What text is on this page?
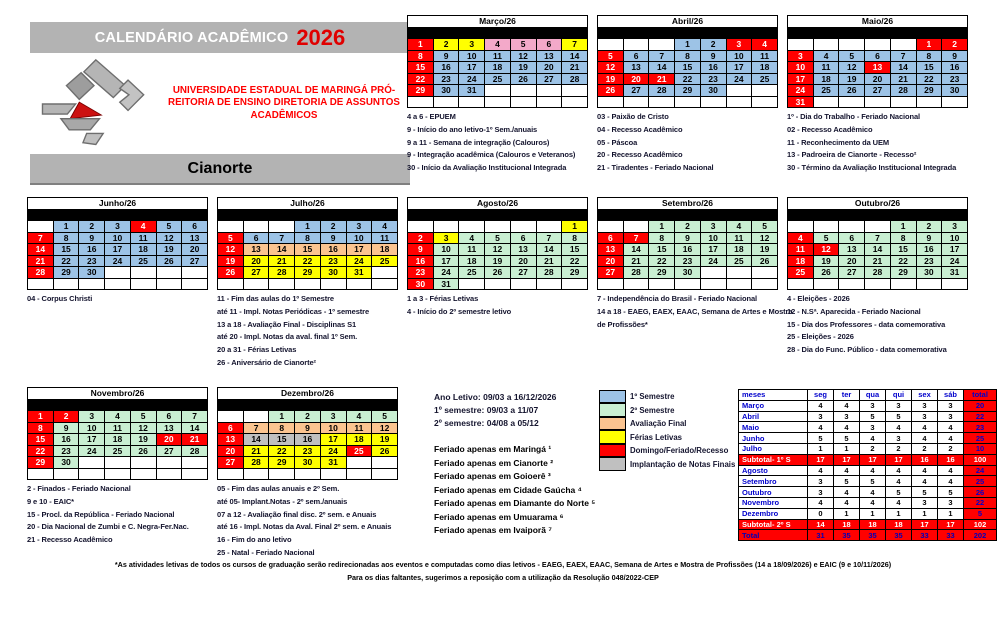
CALENDÁRIO ACADÊMICO 2026
UNIVERSIDADE ESTADUAL DE MARINGÁ PRÓ-REITORIA DE ENSINO DIRETORIA DE ASSUNTOS ACADÊMICOS
Cianorte
Março/26						
D	S	T	Q	Q	S	S
1	2	3	4	5	6	7
8	9	10	11	12	13	14
15	16	17	18	19	20	21
22	23	24	25	26	27	28
29	30	31				

4 a 6 - EPUEM
9 - Início do ano letivo-1º Sem./anuais
9 a 11 - Semana de integração (Calouros)
9 - Integração acadêmica (Calouros e Veteranos)
30 - Início da Avaliação Institucional Integrada
Abril/26						
D	S	T	Q	Q	S	S
			1	2	3	4
5	6	7	8	9	10	11
12	13	14	15	16	17	18
19	20	21	22	23	24	25
26	27	28	29	30		

03 - Paixão de Cristo
04 - Recesso Acadêmico
05 - Páscoa
20 - Recesso Acadêmico
21 - Tiradentes - Feriado Nacional
Maio/26						
D	S	T	Q	Q	S	S
					1	2
3	4	5	6	7	8	9
10	11	12	13	14	15	16
17	18	19	20	21	22	23
24	25	26	27	28	29	30
31						
1º - Dia do Trabalho - Feriado Nacional
02 - Recesso Acadêmico
11 - Reconhecimento da UEM
13 - Padroeira de Cianorte - Recesso²
30 - Término da Avaliação Institucional Integrada
Junho/26						
D	S	T	Q	Q	S	S
	1	2	3	4	5	6
7	8	9	10	11	12	13
14	15	16	17	18	19	20
21	22	23	24	25	26	27
28	29	30				

04 - Corpus Christi
Julho/26						
D	S	T	Q	Q	S	S
			1	2	3	4
5	6	7	8	9	10	11
12	13	14	15	16	17	18
19	20	21	22	23	24	25
26	27	28	29	30	31	

11 - Fim das aulas do 1º Semestre
até 11 - Impl. Notas Periódicas - 1º semestre
13 a 18 - Avaliação Final - Disciplinas S1
até 20 - Impl. Notas da aval. final 1º Sem.
20 a 31 - Férias Letivas
26 - Aniversário de Cianorte²
Agosto/26						
D	S	T	Q	Q	S	S
						1
2	3	4	5	6	7	8
9	10	11	12	13	14	15
16	17	18	19	20	21	22
23	24	25	26	27	28	29
30	31					
1 a 3 - Férias Letivas
4 - Início do 2º semestre letivo
Setembro/26						
D	S	T	Q	Q	S	S
		1	2	3	4	5
6	7	8	9	10	11	12
13	14	15	16	17	18	19
20	21	22	23	24	25	26
27	28	29	30			

7 - Independência do Brasil - Feriado Nacional
14 a 18 - EAEG, EAEX, EAAC, Semana de Artes e Mostra de Profissões*
Outubro/26						
D	S	T	Q	Q	S	S
				1	2	3
4	5	6	7	8	9	10
11	12	13	14	15	16	17
18	19	20	21	22	23	24
25	26	27	28	29	30	31

4 - Eleições - 2026
12 - N.Sª. Aparecida - Feriado Nacional
15 - Dia dos Professores - data comemorativa
25 - Eleições - 2026
28 - Dia do Func. Público - data comemorativa
Novembro/26						
D	S	T	Q	Q	S	S
1	2	3	4	5	6	7
8	9	10	11	12	13	14
15	16	17	18	19	20	21
22	23	24	25	26	27	28
29	30					

2 - Finados - Feriado Nacional
9 e 10 - EAIC*
15 - Procl. da República - Feriado Nacional
20 - Dia Nacional de Zumbi e C. Negra-Fer.Nac.
21 - Recesso Acadêmico
Dezembro/26						
D	S	T	Q	Q	S	S
		1	2	3	4	5
6	7	8	9	10	11	12
13	14	15	16	17	18	19
20	21	22	23	24	25	26
27	28	29	30	31		

05 - Fim das aulas anuais e 2º Sem.
até 05- Implant.Notas - 2º sem./anuais
07 a 12 - Avaliação final disc. 2º sem. e Anuais
até 16 - Impl. Notas da Aval. Final 2º sem. e Anuais
16 - Fim do ano letivo
25 - Natal - Feriado Nacional
Ano Letivo: 09/03 a 16/12/2026
1º semestre: 09/03 a 11/07
2º semestre: 04/08 a 05/12
Feriado apenas em Maringá ¹
Feriado apenas em Cianorte ²
Feriado apenas em Goioerê ³
Feriado apenas em Cidade Gaúcha ⁴
Feriado apenas em Diamante do Norte ⁵
Feriado apenas em Umuarama ⁶
Feriado apenas em Ivaiporã ⁷
1º Semestre
2º Semestre
Avaliação Final
Férias Letivas
Domingo/Feriado/Recesso
Implantação de Notas Finais
meses	seg	ter	qua	qui	sex	sáb	total
Março	4	4	3	3	3	3	20
Abril	3	3	5	5	3	3	22
Maio	4	4	3	4	4	4	23
Junho	5	5	4	3	4	4	25
Julho	1	1	2	2	2	2	10
Subtotal- 1º S	17	17	17	17	16	16	100
Agosto	4	4	4	4	4	4	24
Setembro	3	5	5	4	4	4	25
Outubro	3	4	4	5	5	5	26
Novembro	4	4	4	4	3	3	22
Dezembro	0	1	1	1	1	1	5
Subtotal- 2º S	14	18	18	18	17	17	102
Total	31	35	35	35	33	33	202
*As atividades letivas de todos os cursos de graduação serão redirecionadas aos eventos e computadas como dias letivos - EAEG, EAEX, EAAC, Semana de Artes e Mostra de Profissões (14 a 18/09/2026) e EAIC (9 e 10/11/2026)
Para os dias faltantes, sugerimos a reposição com a utilização da Resolução 048/2022-CEP
